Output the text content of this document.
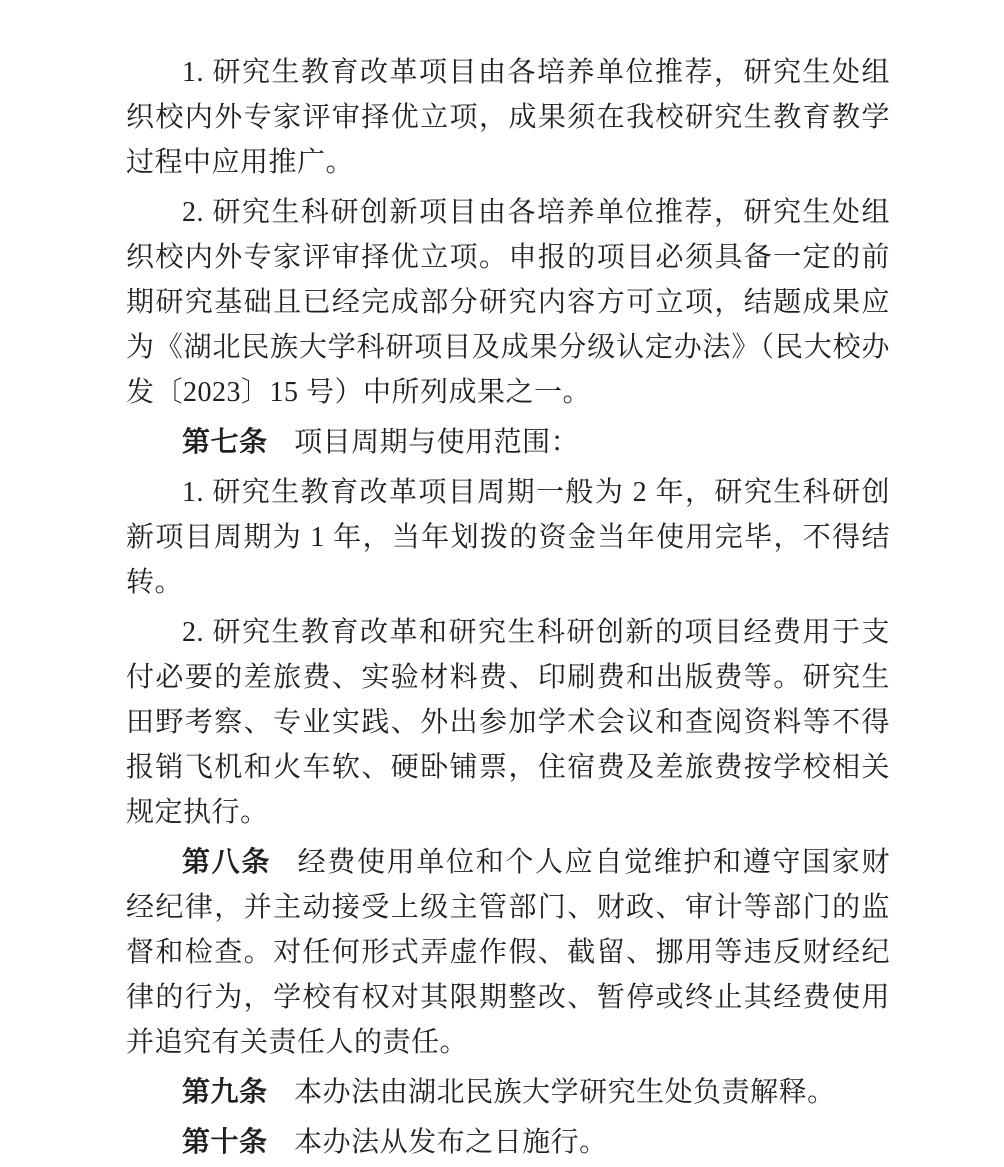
1. 研究生教育改革项目由各培养单位推荐，研究生处组织校内外专家评审择优立项，成果须在我校研究生教育教学过程中应用推广。

2. 研究生科研创新项目由各培养单位推荐，研究生处组织校内外专家评审择优立项。申报的项目必须具备一定的前期研究基础且已经完成部分研究内容方可立项，结题成果应为《湖北民族大学科研项目及成果分级认定办法》（民大校办发〔2023〕15 号）中所列成果之一。

第七条 项目周期与使用范围：

1. 研究生教育改革项目周期一般为 2 年，研究生科研创新项目周期为 1 年，当年划拨的资金当年使用完毕，不得结转。

2. 研究生教育改革和研究生科研创新的项目经费用于支付必要的差旅费、实验材料费、印刷费和出版费等。研究生田野考察、专业实践、外出参加学术会议和查阅资料等不得报销飞机和火车软、硬卧铺票，住宿费及差旅费按学校相关规定执行。

第八条 经费使用单位和个人应自觉维护和遵守国家财经纪律，并主动接受上级主管部门、财政、审计等部门的监督和检查。对任何形式弄虚作假、截留、挪用等违反财经纪律的行为，学校有权对其限期整改、暂停或终止其经费使用并追究有关责任人的责任。

第九条 本办法由湖北民族大学研究生处负责解释。

第十条 本办法从发布之日施行。
